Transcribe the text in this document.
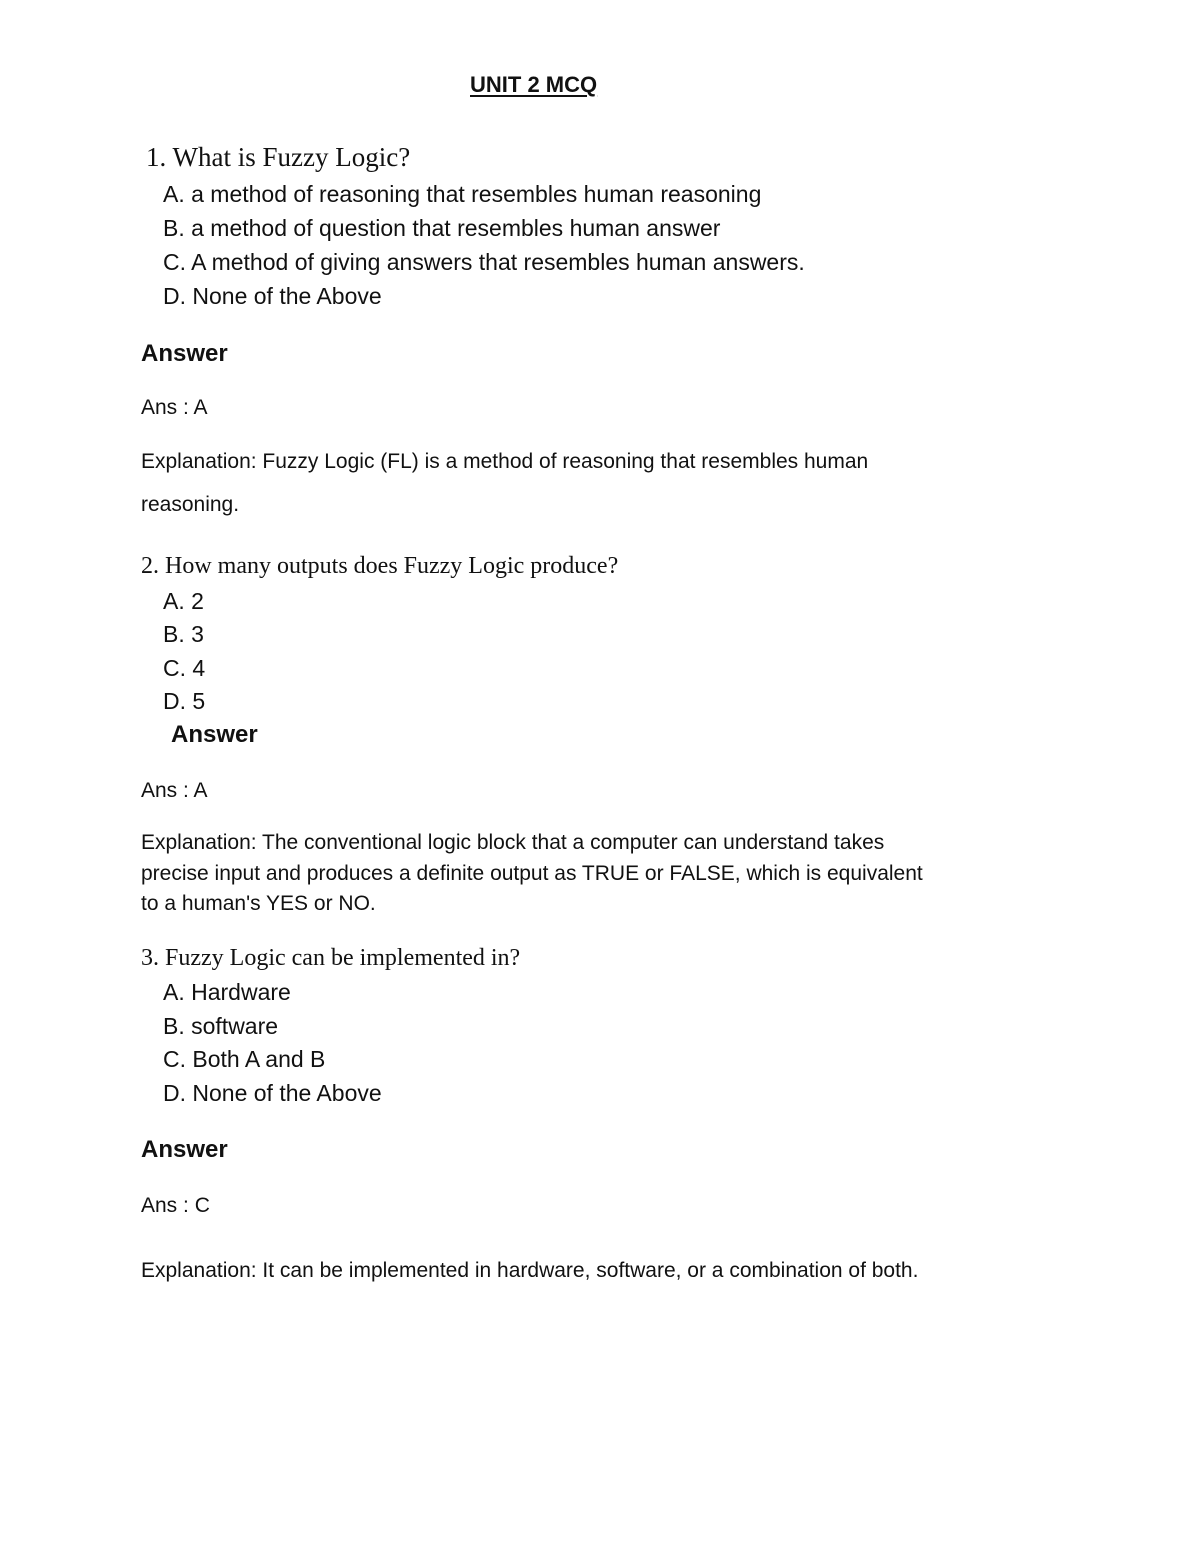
UNIT 2 MCQ
1. What is Fuzzy Logic?
A. a method of reasoning that resembles human reasoning
B. a method of question that resembles human answer
C. A method of giving answers that resembles human answers.
D. None of the Above
Answer
Ans : A
Explanation: Fuzzy Logic (FL) is a method of reasoning that resembles human
reasoning.
2. How many outputs does Fuzzy Logic produce?
A. 2
B. 3
C. 4
D. 5
Answer
Ans : A
Explanation: The conventional logic block that a computer can understand takes
precise input and produces a definite output as TRUE or FALSE, which is equivalent
to a human's YES or NO.
3. Fuzzy Logic can be implemented in?
A. Hardware
B. software
C. Both A and B
D. None of the Above
Answer
Ans : C
Explanation: It can be implemented in hardware, software, or a combination of both.
